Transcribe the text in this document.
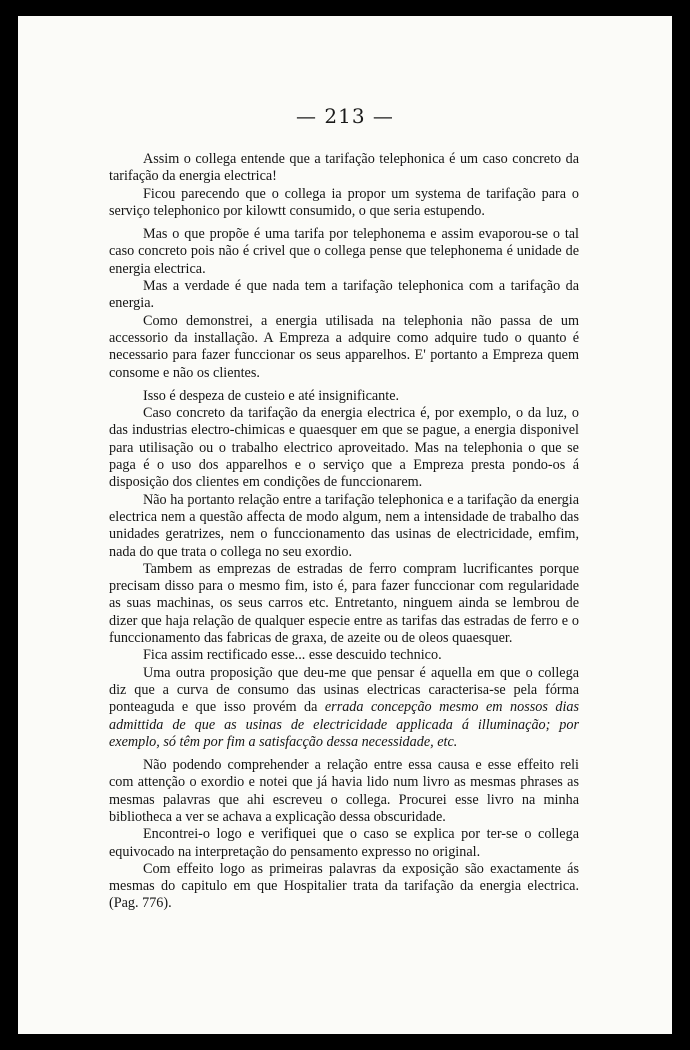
— 213 —

Assim o collega entende que a tarifação telephonica é um caso concreto da tarifação da energia electrica!

Ficou parecendo que o collega ia propor um systema de tarifação para o serviço telephonico por kilowtt consumido, o que seria estupendo.

Mas o que propõe é uma tarifa por telephonema e assim evaporou-se o tal caso concreto pois não é crivel que o collega pense que telephonema é unidade de energia electrica.

Mas a verdade é que nada tem a tarifação telephonica com a tarifação da energia.

Como demonstrei, a energia utilisada na telephonia não passa de um accessorio da installação. A Empreza a adquire como adquire tudo o quanto é necessario para fazer funccionar os seus apparelhos. E' portanto a Empreza quem consome e não os clientes.

Isso é despeza de custeio e até insignificante.

Caso concreto da tarifação da energia electrica é, por exemplo, o da luz, o das industrias electro-chimicas e quaesquer em que se pague, a energia disponivel para utilisação ou o trabalho electrico aproveitado. Mas na telephonia o que se paga é o uso dos apparelhos e o serviço que a Empreza presta pondo-os á disposição dos clientes em condições de funccionarem.

Não ha portanto relação entre a tarifação telephonica e a tarifação da energia electrica nem a questão affecta de modo algum, nem a intensidade de trabalho das unidades geratrizes, nem o funccionamento das usinas de electricidade, emfim, nada do que trata o collega no seu exordio.

Tambem as emprezas de estradas de ferro compram lucrificantes porque precisam disso para o mesmo fim, isto é, para fazer funccionar com regularidade as suas machinas, os seus carros etc. Entretanto, ninguem ainda se lembrou de dizer que haja relação de qualquer especie entre as tarifas das estradas de ferro e o funccionamento das fabricas de graxa, de azeite ou de oleos quaesquer.

Fica assim rectificado esse... esse descuido technico.

Uma outra proposição que deu-me que pensar é aquella em que o collega diz que a curva de consumo das usinas electricas caracterisa-se pela fórma ponteaguda e que isso provém da errada concepção mesmo em nossos dias admittida de que as usinas de electricidade applicada á illuminação; por exemplo, só têm por fim a satisfacção dessa necessidade, etc.

Não podendo comprehender a relação entre essa causa e esse effeito reli com attenção o exordio e notei que já havia lido num livro as mesmas phrases as mesmas palavras que ahi escreveu o collega. Procurei esse livro na minha bibliotheca a ver se achava a explicação dessa obscuridade.

Encontrei-o logo e verifiquei que o caso se explica por ter-se o collega equivocado na interpretação do pensamento expresso no original.

Com effeito logo as primeiras palavras da exposição são exactamente ás mesmas do capitulo em que Hospitalier trata da tarifação da energia electrica. (Pag. 776).
